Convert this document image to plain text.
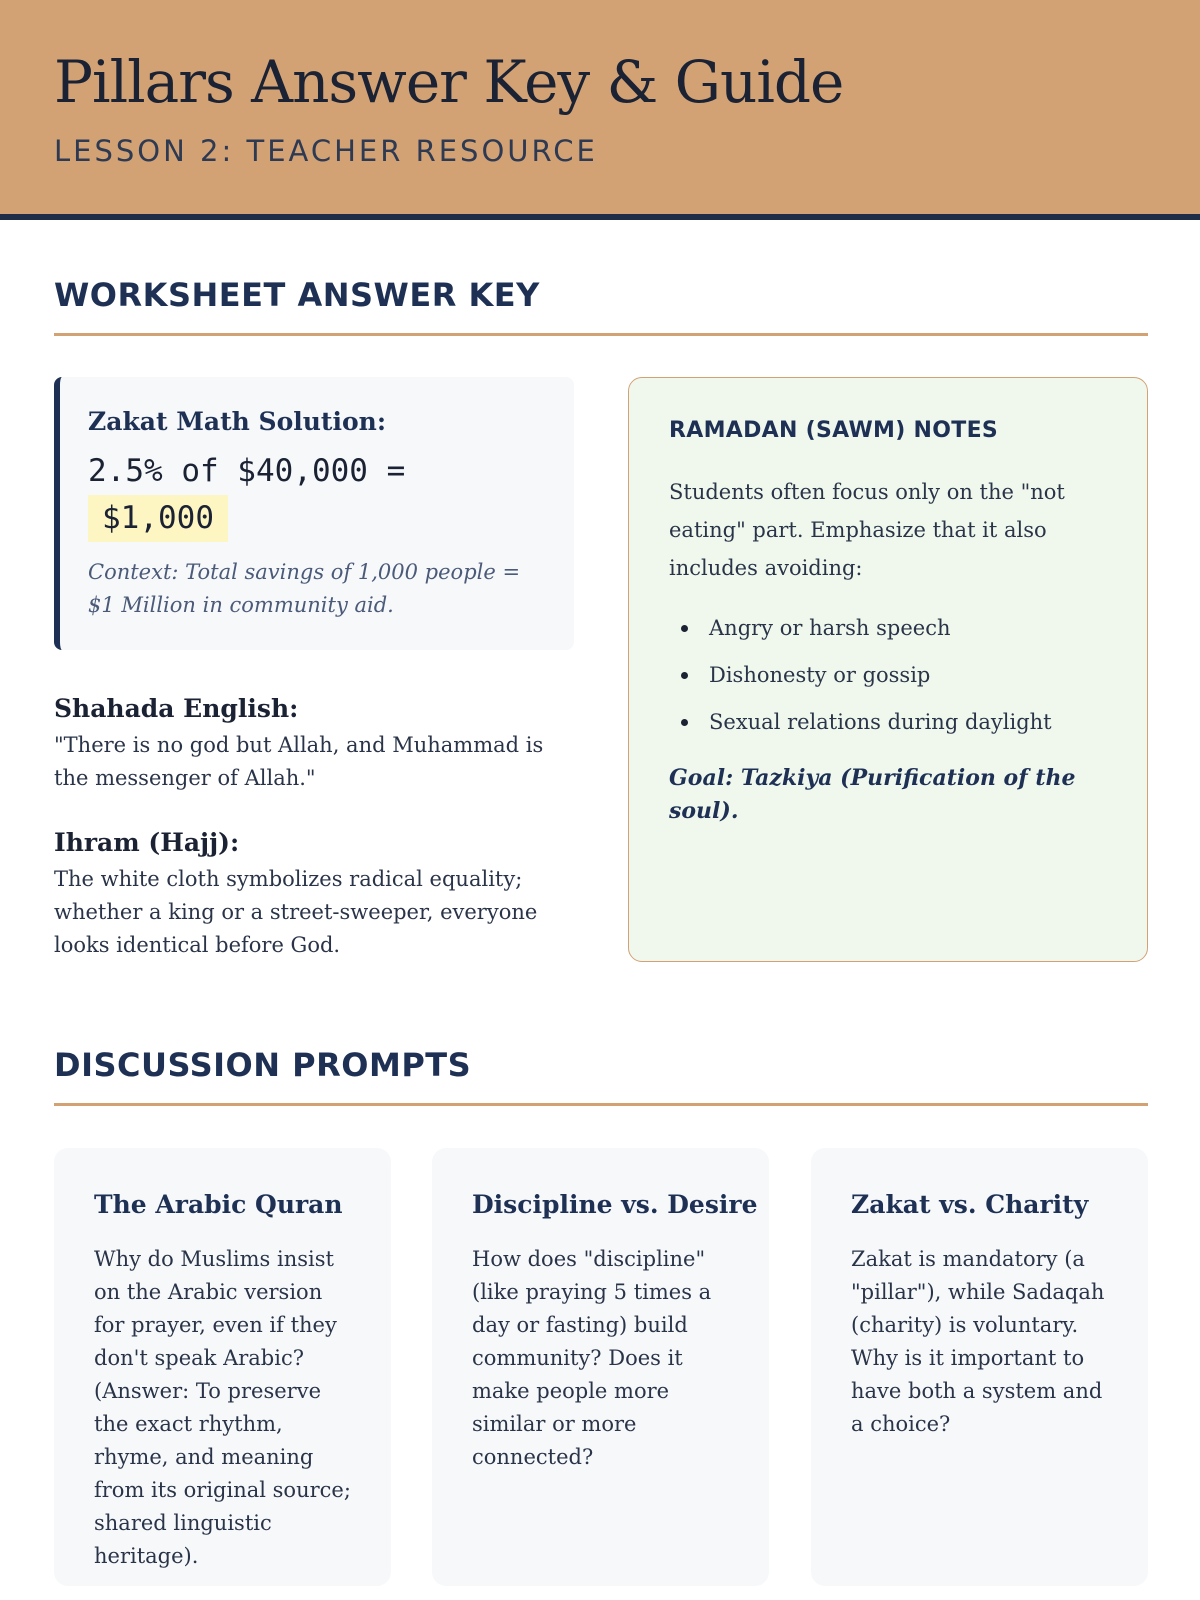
Pillars Answer Key & Guide
LESSON 2: TEACHER RESOURCE
WORKSHEET ANSWER KEY
Zakat Math Solution:
2.5% of $40,000 =
$1,000
Context: Total savings of 1,000 people = $1 Million in community aid.
Shahada English:
"There is no god but Allah, and Muhammad is the messenger of Allah."
Ihram (Hajj):
The white cloth symbolizes radical equality; whether a king or a street-sweeper, everyone looks identical before God.
RAMADAN (SAWM) NOTES
Students often focus only on the "not eating" part. Emphasize that it also includes avoiding:
Angry or harsh speech
Dishonesty or gossip
Sexual relations during daylight
Goal: Tazkiya (Purification of the soul).
DISCUSSION PROMPTS
The Arabic Quran
Why do Muslims insist on the Arabic version for prayer, even if they don't speak Arabic? (Answer: To preserve the exact rhythm, rhyme, and meaning from its original source; shared linguistic heritage).
Discipline vs. Desire
How does "discipline" (like praying 5 times a day or fasting) build community? Does it make people more similar or more connected?
Zakat vs. Charity
Zakat is mandatory (a "pillar"), while Sadaqah (charity) is voluntary. Why is it important to have both a system and a choice?
